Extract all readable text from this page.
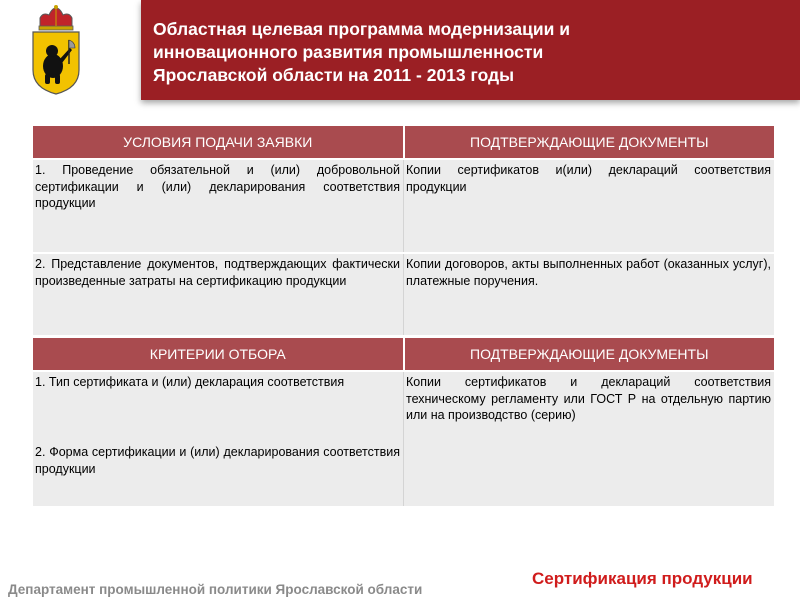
Областная целевая программа модернизации и
инновационного развития промышленности
Ярославской области на 2011 - 2013 годы
УСЛОВИЯ ПОДАЧИ ЗАЯВКИ	ПОДТВЕРЖДАЮЩИЕ ДОКУМЕНТЫ
1. Проведение обязательной и (или) добровольной сертификации и (или) декларирования соответствия продукции	Копии сертификатов и(или) деклараций соответствия продукции
2. Представление документов, подтверждающих фактически произведенные затраты на сертификацию продукции	Копии договоров, акты выполненных работ (оказанных услуг), платежные поручения.
КРИТЕРИИ ОТБОРА	ПОДТВЕРЖДАЮЩИЕ ДОКУМЕНТЫ
1. Тип сертификата и (или) декларация соответствия	Копии сертификатов и деклараций соответствия техническому регламенту или ГОСТ Р на отдельную партию или на производство (серию)
2. Форма сертификации и (или) декларирования соответствия продукции	
Департамент промышленной политики Ярославской области
Сертификация продукции
